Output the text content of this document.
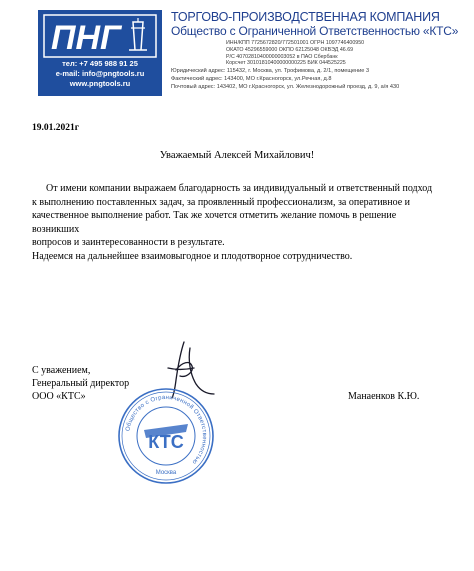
ПНГ
тел: +7 495 988 91 25
e-mail: info@pngtools.ru
www.pngtools.ru
ТОРГОВО-ПРОИЗВОДСТВЕННАЯ КОМПАНИЯ
Общество с Ограниченной Ответственностью «КТС»
ИНН/КПП 7725672820/772501001 ОГРН 1097746400950
ОКАТО 45296559000 ОКПО 62125048 ОКВЭД 46.69
Р/С 40702810400000003052 в ПАО Сбербанк
Корсчет 30101810400000000225 БИК 044525225
Юридический адрес: 115432, г. Москва, ул. Трофимова, д. 2/1, помещение 3
Фактический адрес: 143400, МО г.Красногорск, ул.Речная, д.8
Почтовый адрес: 143402, МО г.Красногорск, ул. Железнодорожный проезд, д. 9, а/я 430
19.01.2021г
Уважаемый Алексей Михайлович!

От имени компании выражаем благодарность за индивидуальный и ответственный подход

к выполнению поставленных задач, за проявленный профессионализм, за оперативное и

качественное выполнение работ. Так же хочется отметить желание помочь в решение возникших

вопросов и заинтересованности в результате.

Надеемся на дальнейшее взаимовыгодное и плодотворное сотрудничество.

С уважением,
Генеральный директор
ООО «КТС»	Манаенков К.Ю.
Общество с Ограниченной Ответственностью
КТС
Москва
